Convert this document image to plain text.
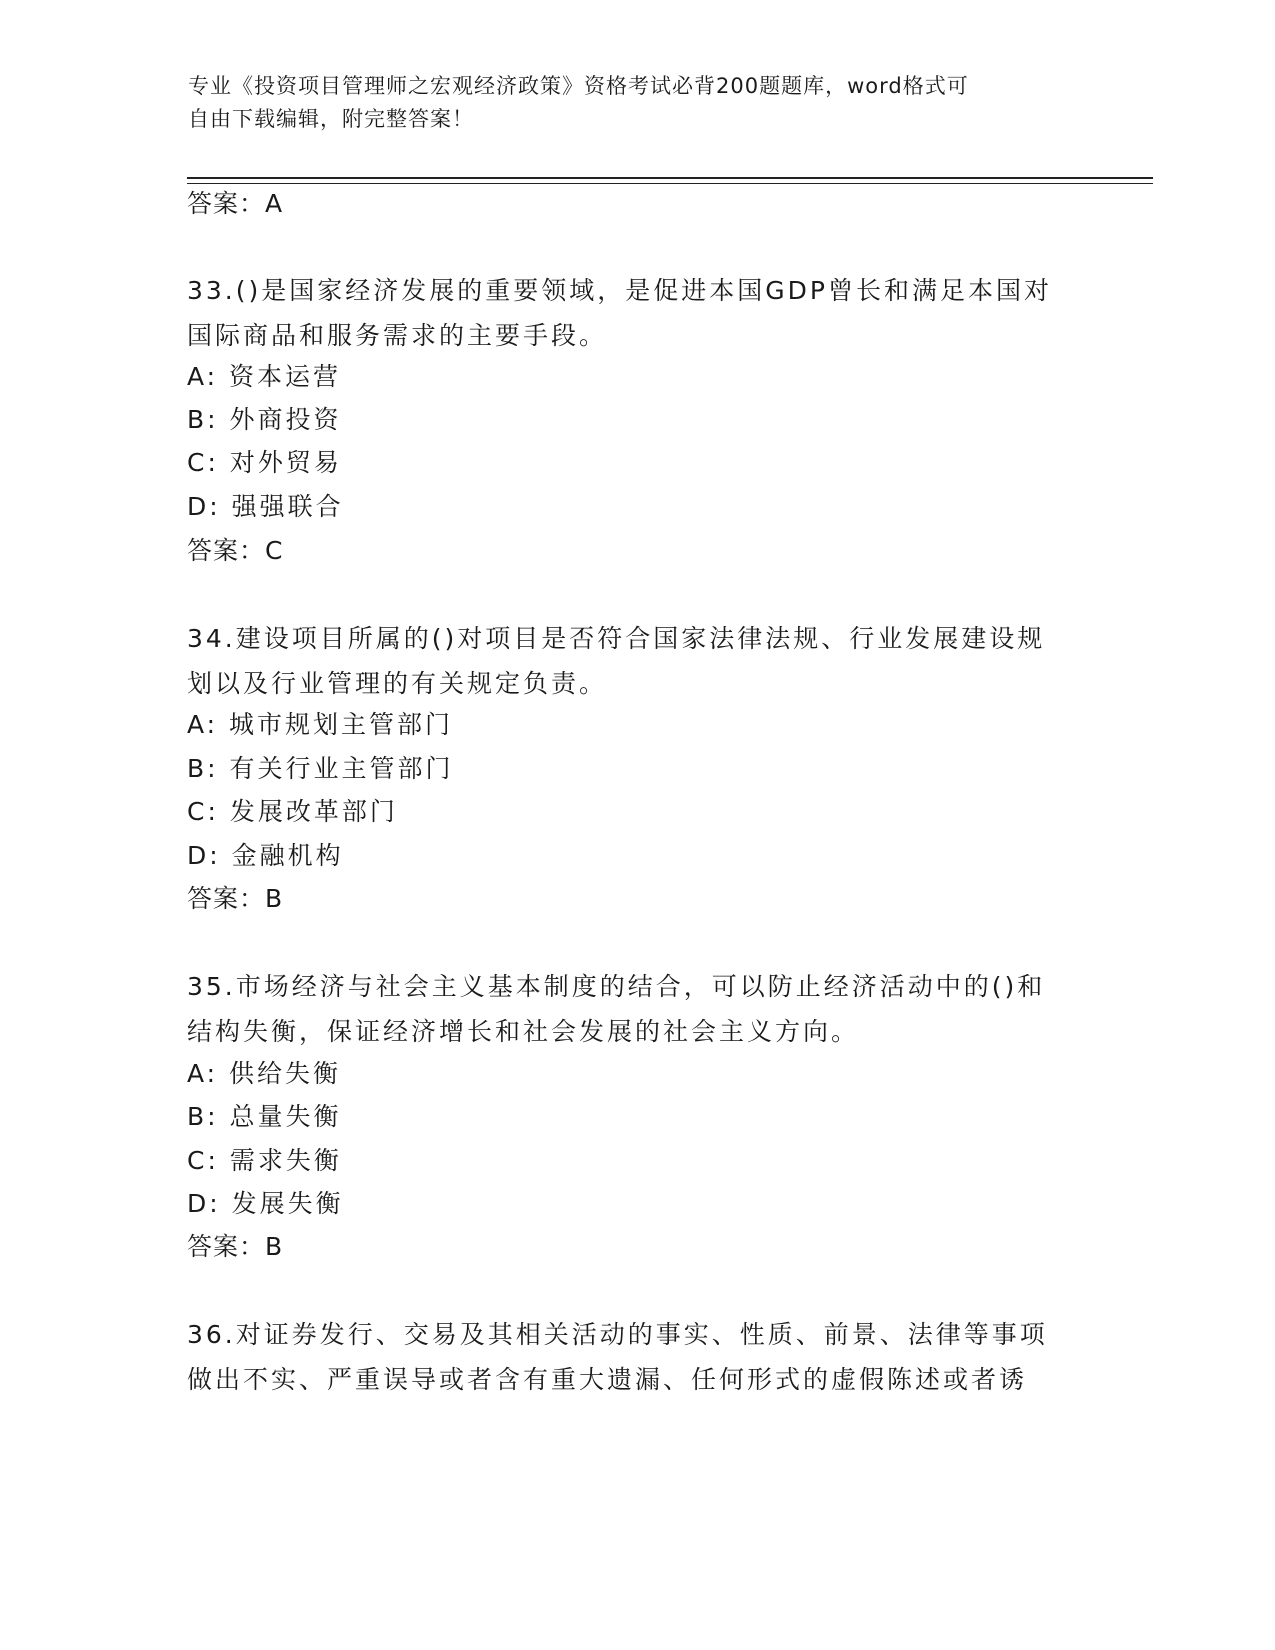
专业《投资项目管理师之宏观经济政策》资格考试必背200题题库，word格式可
自由下载编辑，附完整答案！
答案：A
33.()是国家经济发展的重要领域，是促进本国GDP曾长和满足本国对
国际商品和服务需求的主要手段。
A: 资本运营
B: 外商投资
C: 对外贸易
D: 强强联合
答案：C
34.建设项目所属的()对项目是否符合国家法律法规、行业发展建设规
划以及行业管理的有关规定负责。
A: 城市规划主管部门
B: 有关行业主管部门
C: 发展改革部门
D: 金融机构
答案：B
35.市场经济与社会主义基本制度的结合，可以防止经济活动中的()和
结构失衡，保证经济增长和社会发展的社会主义方向。
A: 供给失衡
B: 总量失衡
C: 需求失衡
D: 发展失衡
答案：B
36.对证券发行、交易及其相关活动的事实、性质、前景、法律等事项
做出不实、严重误导或者含有重大遗漏、任何形式的虚假陈述或者诱
